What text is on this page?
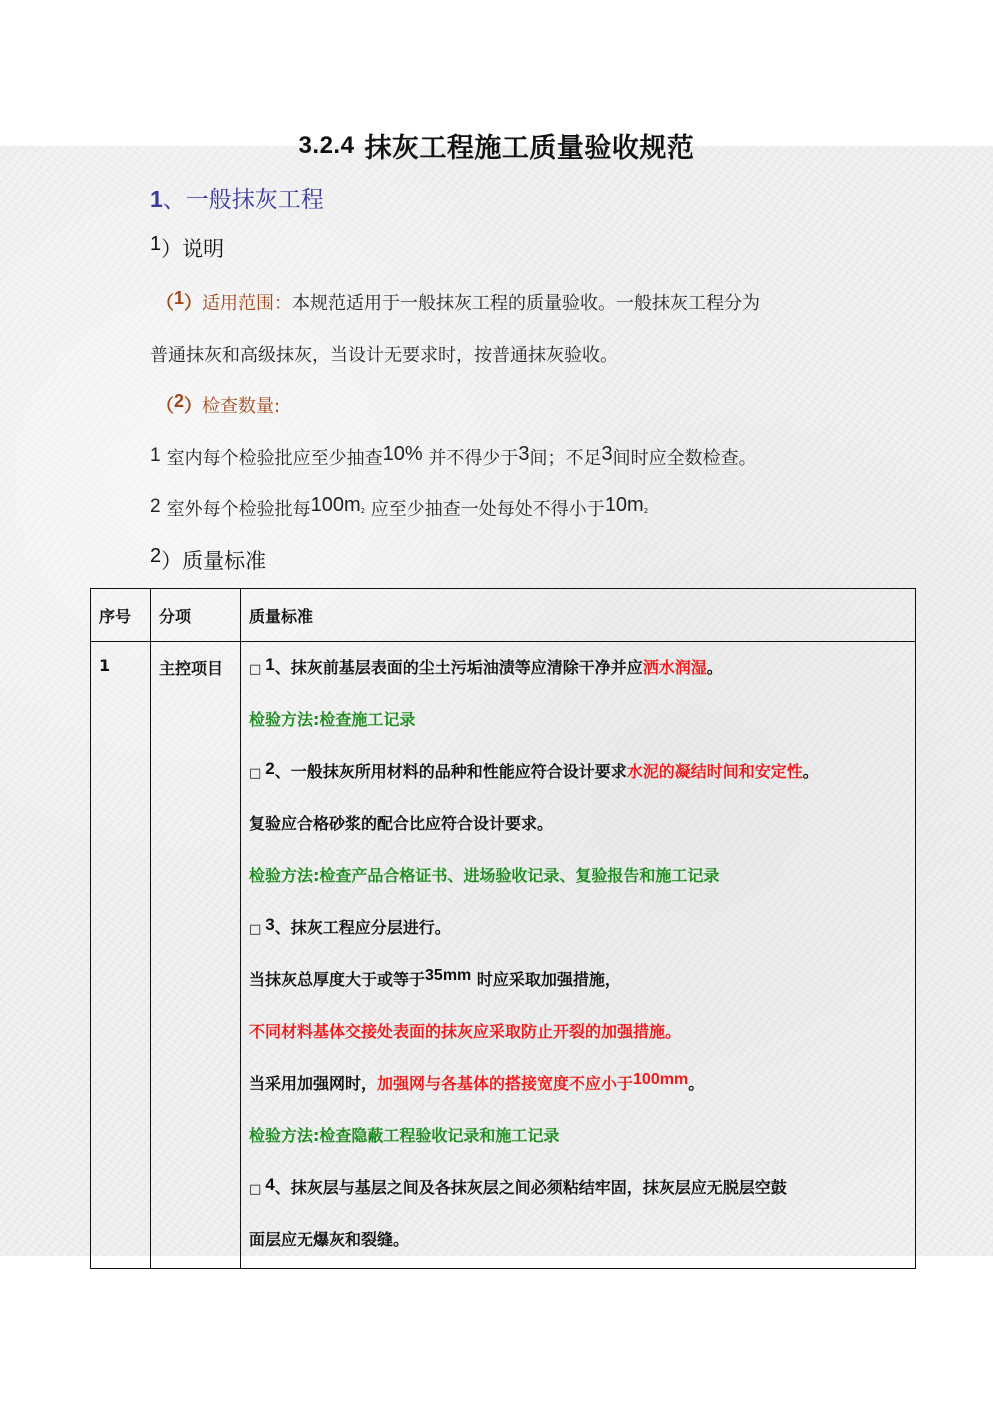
3.2.4 抹灰工程施工质量验收规范
1、一般抹灰工程
1）说明
（1）适用范围：本规范适用于一般抹灰工程的质量验收。一般抹灰工程分为
普通抹灰和高级抹灰，当设计无要求时，按普通抹灰验收。
（2）检查数量:
1 室内每个检验批应至少抽查10% 并不得少于3间；不足3间时应全数检查。
2 室外每个检验批每100m2 应至少抽查一处每处不得小于10m2
2）质量标准
序号	分项	质量标准
1	主控项目	□ 1、抹灰前基层表面的尘土污垢油渍等应清除干净并应洒水润湿。
检验方法:检查施工记录
□ 2、一般抹灰所用材料的品种和性能应符合设计要求水泥的凝结时间和安定性。
复验应合格砂浆的配合比应符合设计要求。
检验方法:检查产品合格证书、进场验收记录、复验报告和施工记录
□ 3、抹灰工程应分层进行。
当抹灰总厚度大于或等于35mm 时应采取加强措施，
不同材料基体交接处表面的抹灰应采取防止开裂的加强措施。
当采用加强网时，加强网与各基体的搭接宽度不应小于100mm。
检验方法:检查隐蔽工程验收记录和施工记录
□ 4、抹灰层与基层之间及各抹灰层之间必须粘结牢固，抹灰层应无脱层空鼓
面层应无爆灰和裂缝。
